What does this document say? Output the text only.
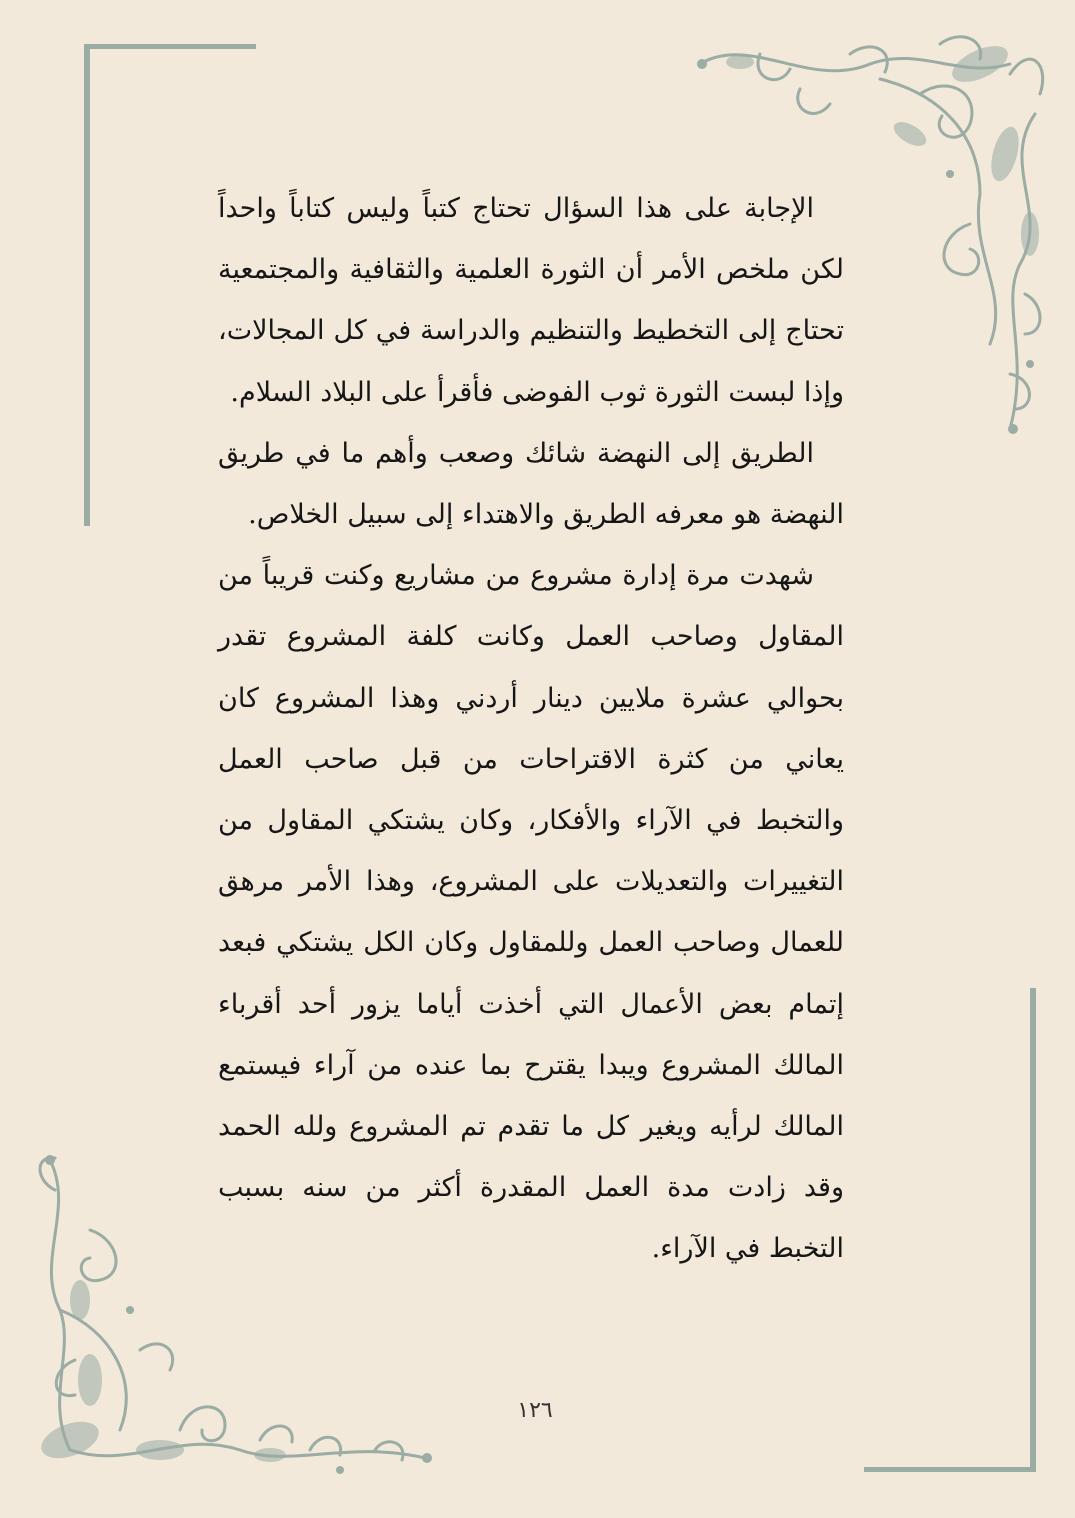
الإجابة على هذا السؤال تحتاج كتباً وليس كتاباً واحداً لكن ملخص الأمر أن الثورة العلمية والثقافية والمجتمعية تحتاج إلى التخطيط والتنظيم والدراسة في كل المجالات، وإذا لبست الثورة ثوب الفوضى فأقرأ على البلاد السلام.

الطريق إلى النهضة شائك وصعب وأهم ما في طريق النهضة هو معرفه الطريق والاهتداء إلى سبيل الخلاص.

شهدت مرة إدارة مشروع من مشاريع وكنت قريباً من المقاول وصاحب العمل وكانت كلفة المشروع تقدر بحوالي عشرة ملايين دينار أردني وهذا المشروع كان يعاني من كثرة الاقتراحات من قبل صاحب العمل والتخبط في الآراء والأفكار، وكان يشتكي المقاول من التغييرات والتعديلات على المشروع، وهذا الأمر مرهق للعمال وصاحب العمل وللمقاول وكان الكل يشتكي فبعد إتمام بعض الأعمال التي أخذت أياما يزور أحد أقرباء المالك المشروع ويبدا يقترح بما عنده من آراء فيستمع المالك لرأيه ويغير كل ما تقدم تم المشروع ولله الحمد وقد زادت مدة العمل المقدرة أكثر من سنه بسبب التخبط في الآراء.

١٢٦
